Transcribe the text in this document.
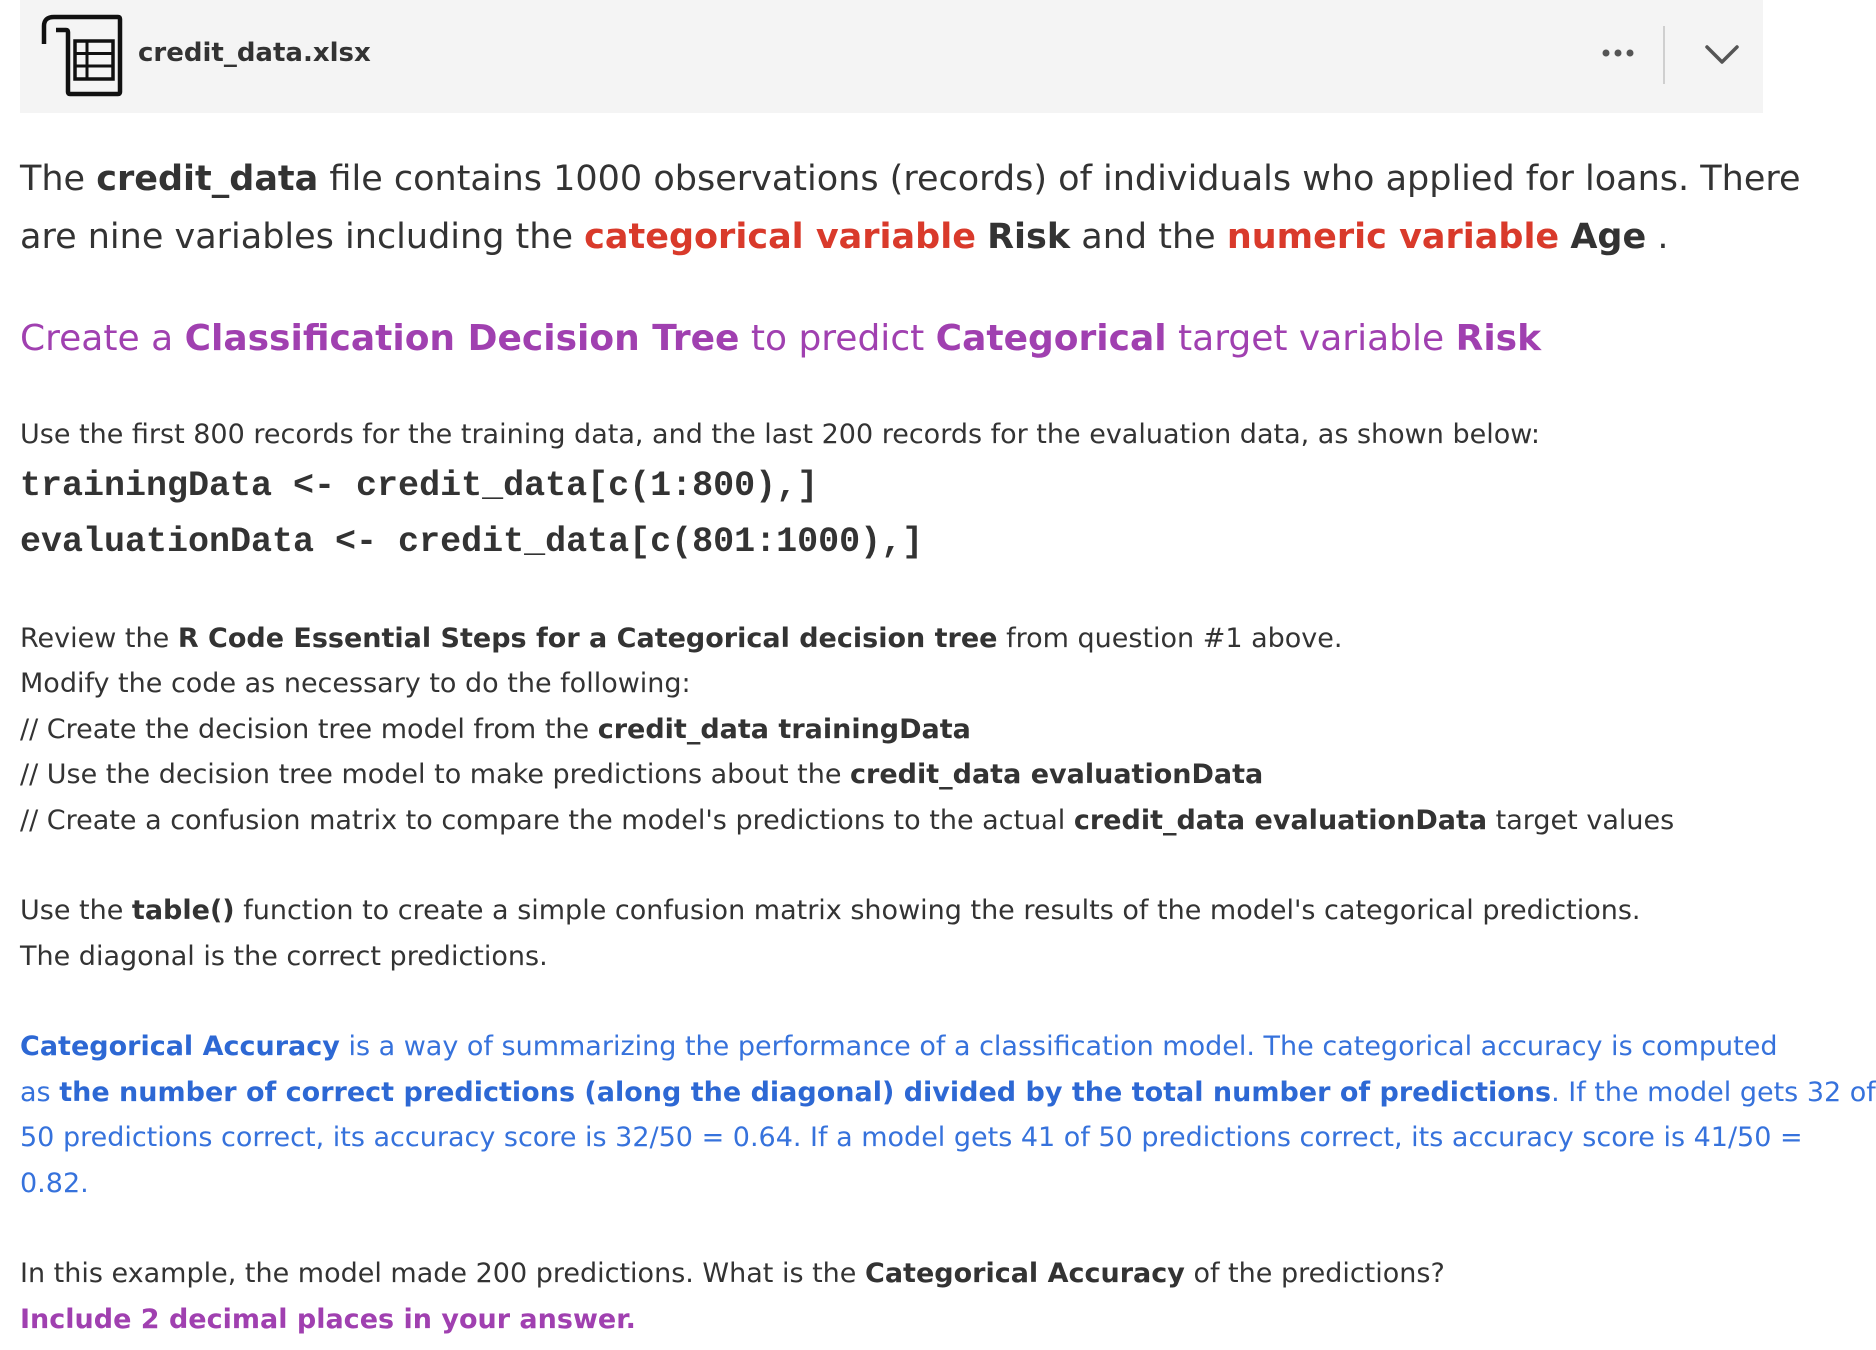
credit_data.xlsx

The credit_data file contains 1000 observations (records) of individuals who applied for loans. There
are nine variables including the categorical variable Risk and the numeric variable Age .

Create a Classification Decision Tree to predict Categorical target variable Risk

Use the first 800 records for the training data, and the last 200 records for the evaluation data, as shown below:

trainingData <- credit_data[c(1:800),]

evaluationData <- credit_data[c(801:1000),]

Review the R Code Essential Steps for a Categorical decision tree from question #1 above.

Modify the code as necessary to do the following:

// Create the decision tree model from the credit_data trainingData

// Use the decision tree model to make predictions about the credit_data evaluationData

// Create a confusion matrix to compare the model's predictions to the actual credit_data evaluationData target values

Use the table() function to create a simple confusion matrix showing the results of the model's categorical predictions.

The diagonal is the correct predictions.

Categorical Accuracy is a way of summarizing the performance of a classification model. The categorical accuracy is computed

as the number of correct predictions (along the diagonal) divided by the total number of predictions. If the model gets 32 of

50 predictions correct, its accuracy score is 32/50 = 0.64. If a model gets 41 of 50 predictions correct, its accuracy score is 41/50 =

0.82.

In this example, the model made 200 predictions. What is the Categorical Accuracy of the predictions?

Include 2 decimal places in your answer.
